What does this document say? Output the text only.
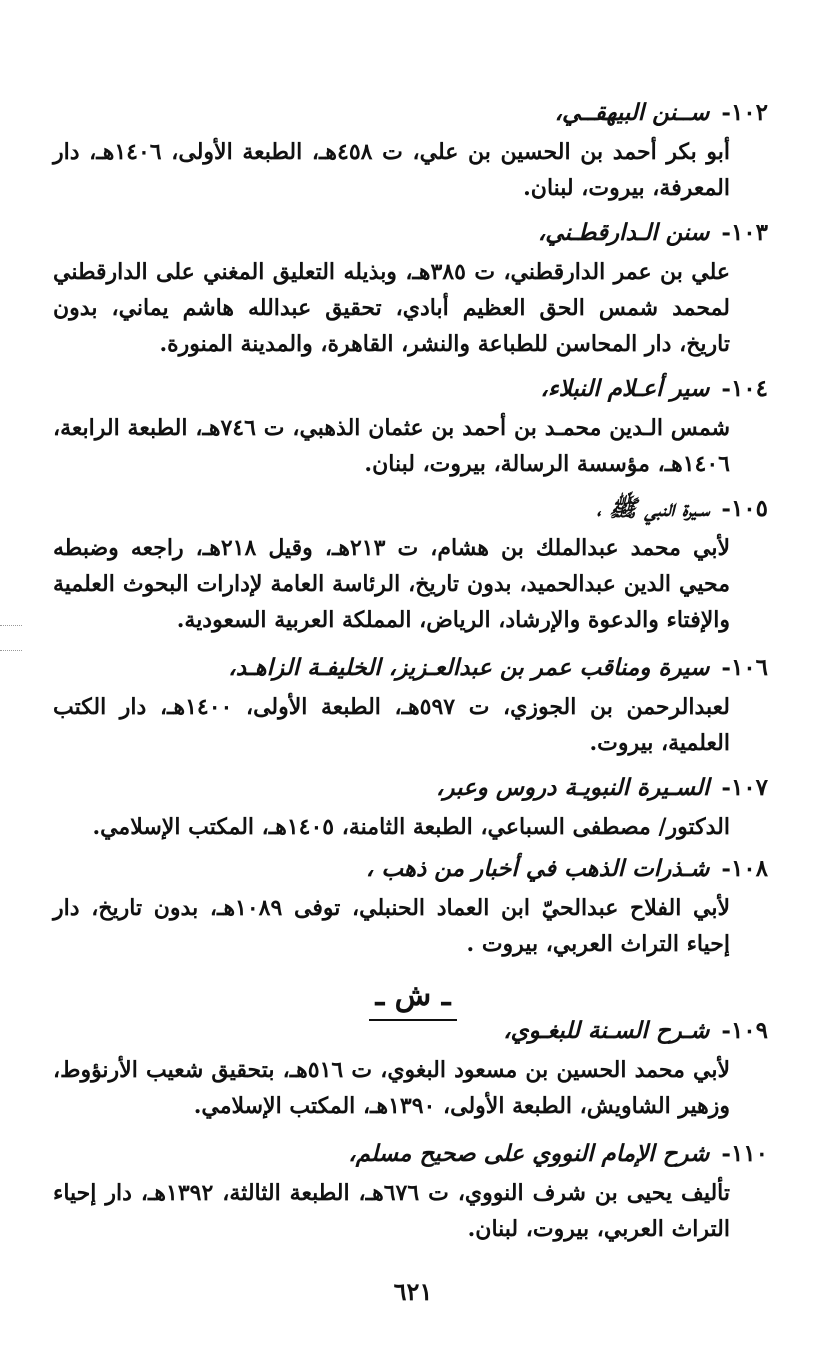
١٠٢-
ســنن البيهقــي،
أبو بكر أحمد بن الحسين بن علي، ت ٤٥٨هـ، الطبعة الأولى، ١٤٠٦هـ، دار المعرفة، بيروت، لبنان.
١٠٣-
سنن الـدارقطـني،
علي بن عمر الدارقطني، ت ٣٨٥هـ، وبذيله التعليق المغني على الدارقطني لمحمد شمس الحق العظيم أبادي، تحقيق عبدالله هاشم يماني، بدون تاريخ، دار المحاسن للطباعة والنشر، القاهرة، والمدينة المنورة.
١٠٤-
سير أعـلام النبلاء،
شمس الـدين محمـد بن أحمد بن عثمان الذهبي، ت ٧٤٦هـ، الطبعة الرابعة، ١٤٠٦هـ، مؤسسة الرسالة، بيروت، لبنان.
١٠٥-
سـيرة النبي ﷺ ،
لأبي محمد عبدالملك بن هشام، ت ٢١٣هـ، وقيل ٢١٨هـ، راجعه وضبطه محيي الدين عبدالحميد، بدون تاريخ، الرئاسة العامة لإدارات البحوث العلمية والإفتاء والدعوة والإرشاد، الرياض، المملكة العربية السعودية.
١٠٦-
سيرة ومناقب عمر بن عبدالعـزيز، الخليفـة الزاهـد،
لعبدالرحمن بن الجوزي، ت ٥٩٧هـ، الطبعة الأولى، ١٤٠٠هـ، دار الكتب العلمية، بيروت.
١٠٧-
السـيرة النبويـة دروس وعبر،
الدكتور/ مصطفى السباعي، الطبعة الثامنة، ١٤٠٥هـ، المكتب الإسلامي.
١٠٨-
شـذرات الذهب في أخبار من ذهب ،
لأبي الفلاح عبدالحيّ ابن العماد الحنبلي، توفى ١٠٨٩هـ، بدون تاريخ، دار إحياء التراث العربي، بيروت .
ـ ش ـ
١٠٩-
شـرح السـنة للبغـوي،
لأبي محمد الحسين بن مسعود البغوي، ت ٥١٦هـ، بتحقيق شعيب الأرنؤوط، وزهير الشاويش، الطبعة الأولى، ١٣٩٠هـ، المكتب الإسلامي.
١١٠-
شرح الإمام النووي على صحيح مسلم،
تأليف يحيى بن شرف النووي، ت ٦٧٦هـ، الطبعة الثالثة، ١٣٩٢هـ، دار إحياء التراث العربي، بيروت، لبنان.
٦٢١
